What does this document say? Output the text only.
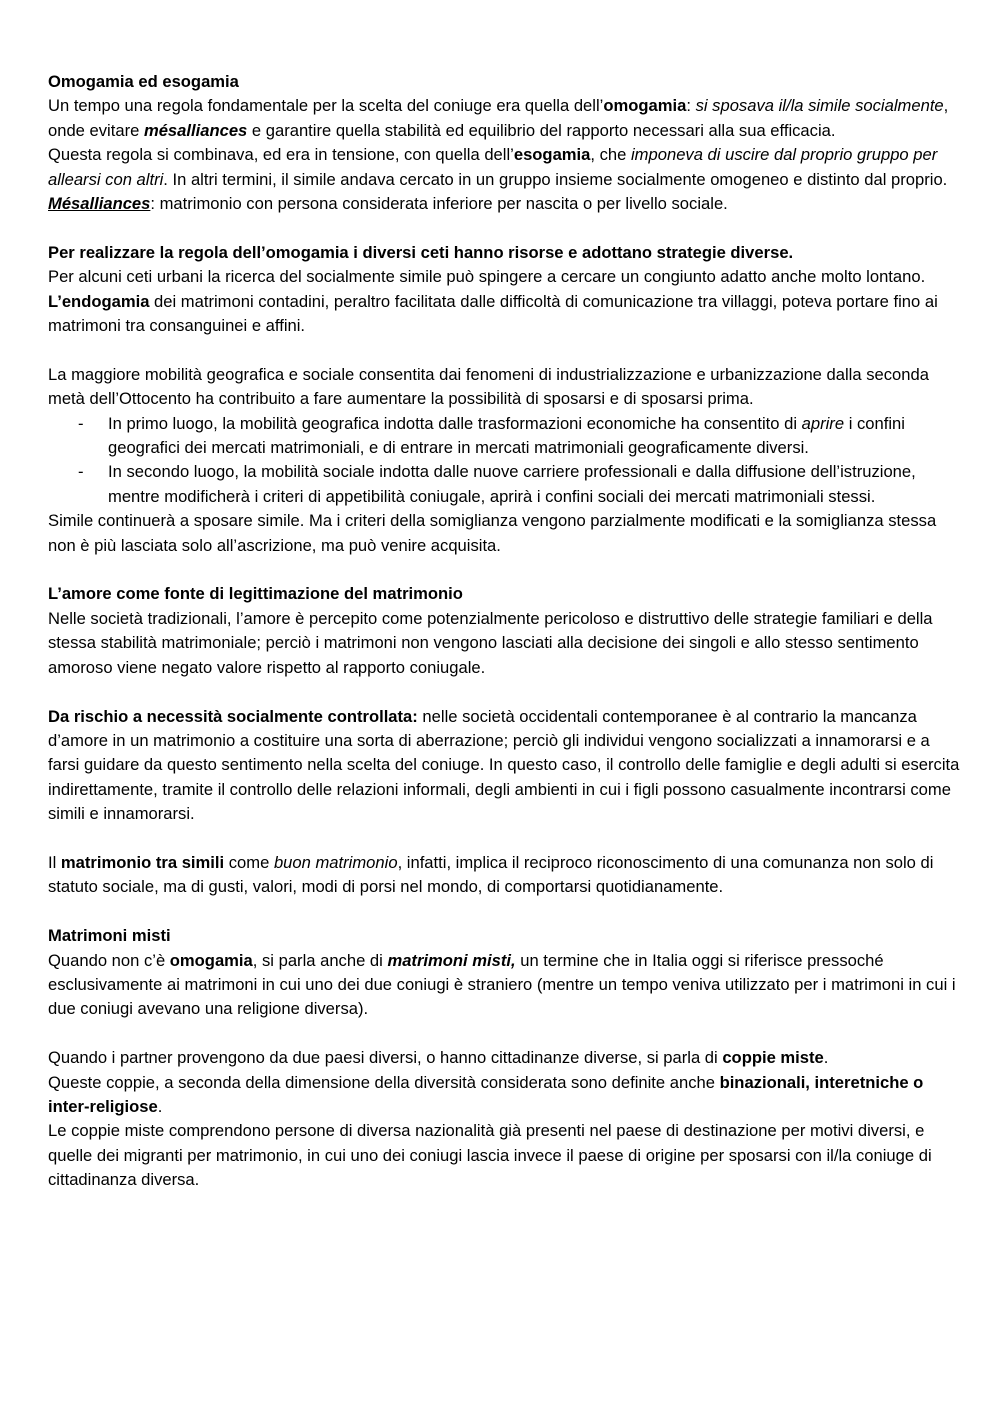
Omogamia ed esogamia

Un tempo una regola fondamentale per la scelta del coniuge era quella dell’omogamia: si sposava il/la simile socialmente, onde evitare mésalliances e garantire quella stabilità ed equilibrio del rapporto necessari alla sua efficacia.

Questa regola si combinava, ed era in tensione, con quella dell’esogamia, che imponeva di uscire dal proprio gruppo per allearsi con altri. In altri termini, il simile andava cercato in un gruppo insieme socialmente omogeneo e distinto dal proprio.

Mésalliances: matrimonio con persona considerata inferiore per nascita o per livello sociale.

Per realizzare la regola dell’omogamia i diversi ceti hanno risorse e adottano strategie diverse.

Per alcuni ceti urbani la ricerca del socialmente simile può spingere a cercare un congiunto adatto anche molto lontano.

L’endogamia dei matrimoni contadini, peraltro facilitata dalle difficoltà di comunicazione tra villaggi, poteva portare fino ai matrimoni tra consanguinei e affini.

La maggiore mobilità geografica e sociale consentita dai fenomeni di industrializzazione e urbanizzazione dalla seconda metà dell’Ottocento ha contribuito a fare aumentare la possibilità di sposarsi e di sposarsi prima.

- In primo luogo, la mobilità geografica indotta dalle trasformazioni economiche ha consentito di aprire i confini geografici dei mercati matrimoniali, e di entrare in mercati matrimoniali geograficamente diversi.
- In secondo luogo, la mobilità sociale indotta dalle nuove carriere professionali e dalla diffusione dell’istruzione, mentre modificherà i criteri di appetibilità coniugale, aprirà i confini sociali dei mercati matrimoniali stessi.

Simile continuerà a sposare simile. Ma i criteri della somiglianza vengono parzialmente modificati e la somiglianza stessa non è più lasciata solo all’ascrizione, ma può venire acquisita.

L’amore come fonte di legittimazione del matrimonio

Nelle società tradizionali, l’amore è percepito come potenzialmente pericoloso e distruttivo delle strategie familiari e della stessa stabilità matrimoniale; perciò i matrimoni non vengono lasciati alla decisione dei singoli e allo stesso sentimento amoroso viene negato valore rispetto al rapporto coniugale.

Da rischio a necessità socialmente controllata: nelle società occidentali contemporanee è al contrario la mancanza d’amore in un matrimonio a costituire una sorta di aberrazione; perciò gli individui vengono socializzati a innamorarsi e a farsi guidare da questo sentimento nella scelta del coniuge. In questo caso, il controllo delle famiglie e degli adulti si esercita indirettamente, tramite il controllo delle relazioni informali, degli ambienti in cui i figli possono casualmente incontrarsi come simili e innamorarsi.

Il matrimonio tra simili come buon matrimonio, infatti, implica il reciproco riconoscimento di una comunanza non solo di statuto sociale, ma di gusti, valori, modi di porsi nel mondo, di comportarsi quotidianamente.

Matrimoni misti

Quando non c’è omogamia, si parla anche di matrimoni misti, un termine che in Italia oggi si riferisce pressoché esclusivamente ai matrimoni in cui uno dei due coniugi è straniero (mentre un tempo veniva utilizzato per i matrimoni in cui i due coniugi avevano una religione diversa).

Quando i partner provengono da due paesi diversi, o hanno cittadinanze diverse, si parla di coppie miste.

Queste coppie, a seconda della dimensione della diversità considerata sono definite anche binazionali, interetniche o inter-religiose.

Le coppie miste comprendono persone di diversa nazionalità già presenti nel paese di destinazione per motivi diversi, e quelle dei migranti per matrimonio, in cui uno dei coniugi lascia invece il paese di origine per sposarsi con il/la coniuge di cittadinanza diversa.
